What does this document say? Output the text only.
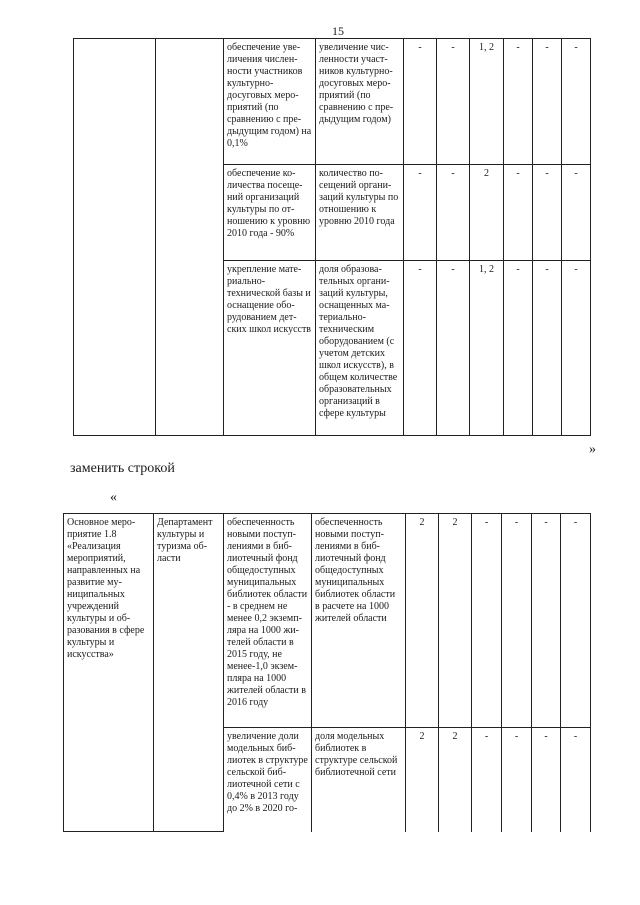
15
		обеспечение увеличения численности участников культурно-досуговых мероприятий (по сравнению с предыдущим годом) на 0,1%	увеличение численности участников культурно-досуговых мероприятий (по сравнению с предыдущим годом)	-	-	1, 2	-	-	-
		обеспечение количества посещений организаций культуры по отношению к уровню 2010 года - 90%	количество посещений организаций культуры по отношению к уровню 2010 года	-	-	2	-	-	-
		укрепление материально-технической базы и оснащение оборудованием детских школ искусств	доля образовательных организаций культуры, оснащенных материально-техническим оборудованием (с учетом детских школ искусств), в общем количестве образовательных организаций в сфере культуры	-	-	1, 2	-	-	-
»
заменить строкой
«
Основное мероприятие 1.8 «Реализация мероприятий, направленных на развитие муниципальных учреждений культуры и образования в сфере культуры и искусства»	Департамент культуры и туризма области	обеспеченность новыми поступлениями в библиотечный фонд общедоступных муниципальных библиотек области - в среднем не менее 0,2 экземпляра на 1000 жителей области в 2015 году, не менее-1,0 экземпляра на 1000 жителей области в 2016 году	обеспеченность новыми поступлениями в библиотечный фонд общедоступных муниципальных библиотек области в расчете на 1000 жителей области	2	2	-	-	-	-
		увеличение доли модельных библиотек в структуре сельской библиотечной сети с 0,4% в 2013 году до 2% в 2020 го-	доля модельных библиотек в структуре сельской библиотечной сети	2	2	-	-	-	-
